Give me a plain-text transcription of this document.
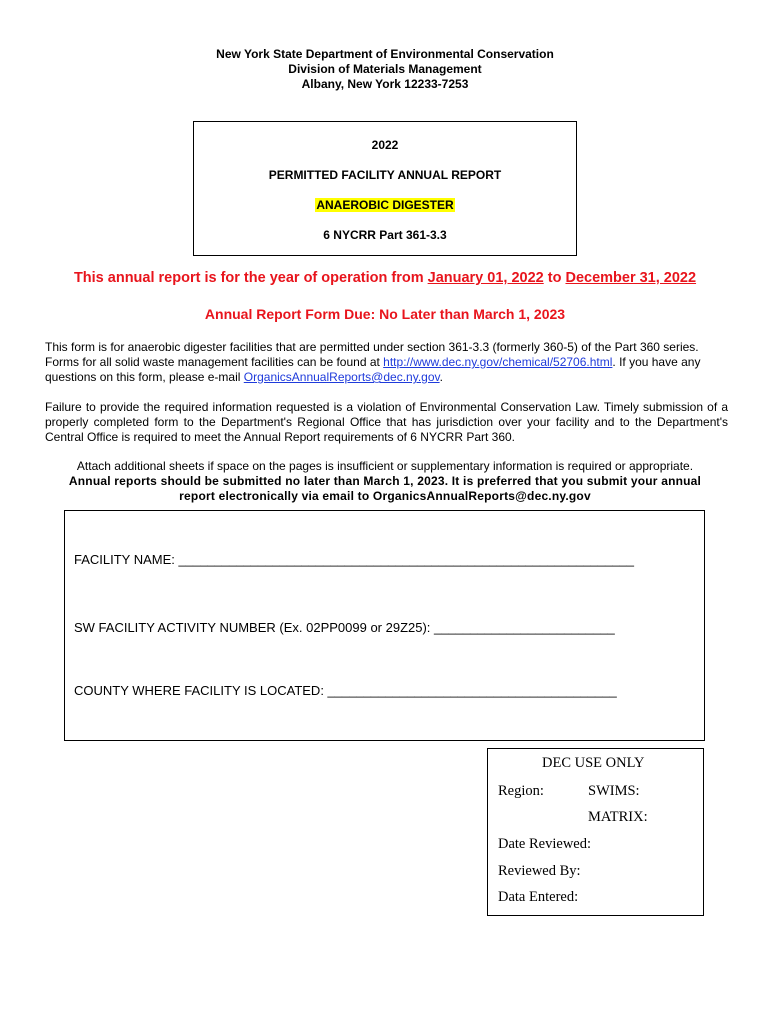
New York State Department of Environmental Conservation
Division of Materials Management
Albany, New York 12233-7253
2022
PERMITTED FACILITY ANNUAL REPORT
ANAEROBIC DIGESTER
6 NYCRR Part 361-3.3
This annual report is for the year of operation from January 01, 2022 to December 31, 2022
Annual Report Form Due: No Later than March 1, 2023
This form is for anaerobic digester facilities that are permitted under section 361-3.3 (formerly 360-5) of the Part 360 series. Forms for all solid waste management facilities can be found at http://www.dec.ny.gov/chemical/52706.html. If you have any questions on this form, please e-mail OrganicsAnnualReports@dec.ny.gov.
Failure to provide the required information requested is a violation of Environmental Conservation Law. Timely submission of a properly completed form to the Department's Regional Office that has jurisdiction over your facility and to the Department's Central Office is required to meet the Annual Report requirements of 6 NYCRR Part 360.
Attach additional sheets if space on the pages is insufficient or supplementary information is required or appropriate.
Annual reports should be submitted no later than March 1, 2023. It is preferred that you submit your annual report electronically via email to OrganicsAnnualReports@dec.ny.gov
FACILITY NAME: _______________________________________________________________
SW FACILITY ACTIVITY NUMBER (Ex. 02PP0099 or 29Z25): _________________________
COUNTY WHERE FACILITY IS LOCATED: ________________________________________
DEC USE ONLY
Region:	SWIMS:
MATRIX:
Date Reviewed:
Reviewed By:
Data Entered:
